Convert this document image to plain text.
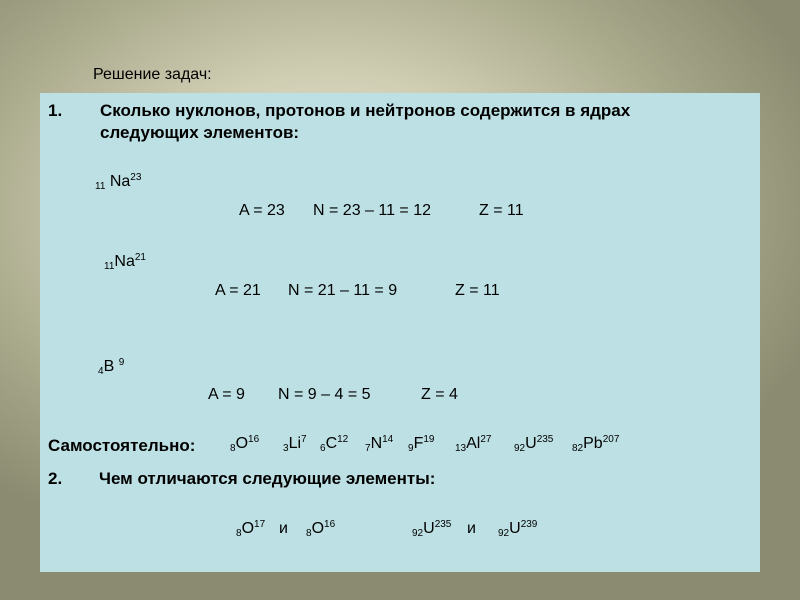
Решение задач:
1. Сколько нуклонов, протонов и нейтронов содержится в ядрах
следующих элементов:
$_{11}$ Na$^{23}$
A = 23 N = 23 – 11 = 12	Z = 11
$_{11}Na^{21}$
A = 21 N = 21 – 11 = 9	Z = 11
$_4$B $^9$
A = 9 N = 9 – 4 = 5	Z = 4
Самостоятельно:	$_8O^{16}$
$_3Li^7$
$_6C^{12}$
$_7N^{14}$
$_9F^{19}$
$_{13}Al^{27}$
$_{92}U^{235}$
$_{82}Pb^{207}$
2. Чем отличаются следующие элементы:
$_8O^{17}$ и $_8O^{16}$
$_{92}U^{235}$ и $_{92}U^{239}$
